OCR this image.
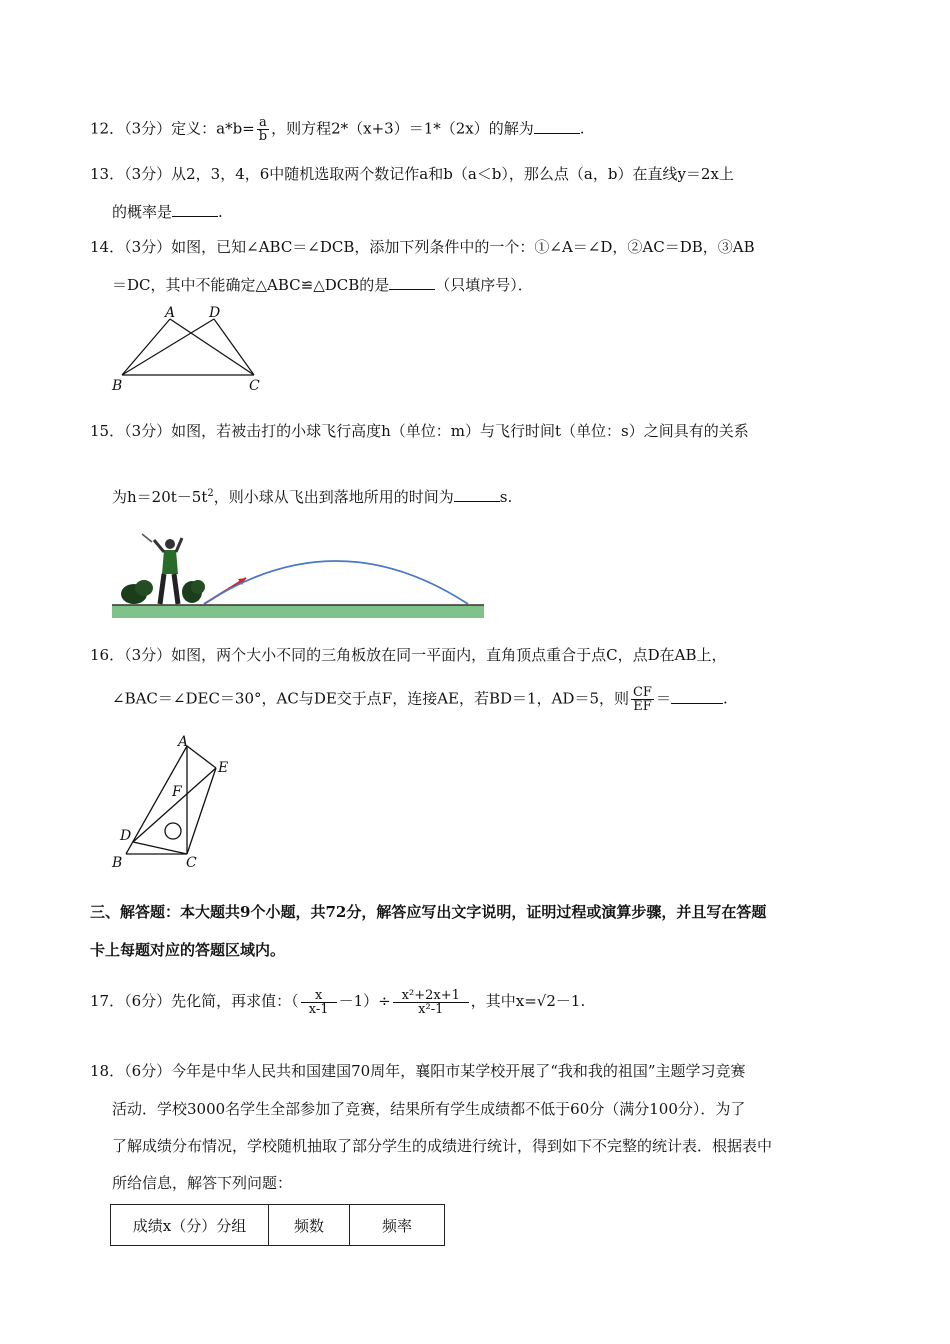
12．（3分）定义：$a*b= \frac{a}{b}$ ，则方程2*（x+3）＝1*（2x）的解为	.
13．（3分）从2，3，4，6中随机选取两个数记作a和b（a＜b），那么点（a，b）在直线y＝2x上
的概率是	.
14．（3分）如图，已知∠ABC＝∠DCB，添加下列条件中的一个：①∠A＝∠D，②AC＝DB，③AB
＝DC，其中不能确定△ABC≌△DCB的是	（只填序号）．
A D
B	C
15．（3分）如图，若被击打的小球飞行高度h（单位：m）与飞行时间t（单位：s）之间具有的关系
为$h=20t-5t^2$，则小球从飞出到落地所用的时间为	s.
16．（3分）如图，两个大小不同的三角板放在同一平面内，直角顶点重合于点C，点D在AB上，
∠BAC＝∠DEC＝30°，AC与DE交于点F，连接AE，若BD＝1，AD＝5，则 $\frac{CF}{EF}$ ＝	.
A
E
F
D
B	C
三、解答题：本大题共9个小题，共72分，解答应写出文字说明，证明过程或演算步骤，并且写在答题
卡上每题对应的答题区域内。
17．（6分）先化简，再求值：（ $\frac{x}{x-1} -1)\div \frac{\text{x²+2x+1}}{\text{x²-1}}$ ，其中x=√2－1.
18．（6分）今年是中华人民共和国建国70周年，襄阳市某学校开展了“我和我的祖国”主题学习竞赛
活动．学校3000名学生全部参加了竞赛，结果所有学生成绩都不低于60分（满分100分）．为了
了解成绩分布情况，学校随机抽取了部分学生的成绩进行统计，得到如下不完整的统计表．根据表中
所给信息，解答下列问题：
成绩x（分）分组	频数	频率
